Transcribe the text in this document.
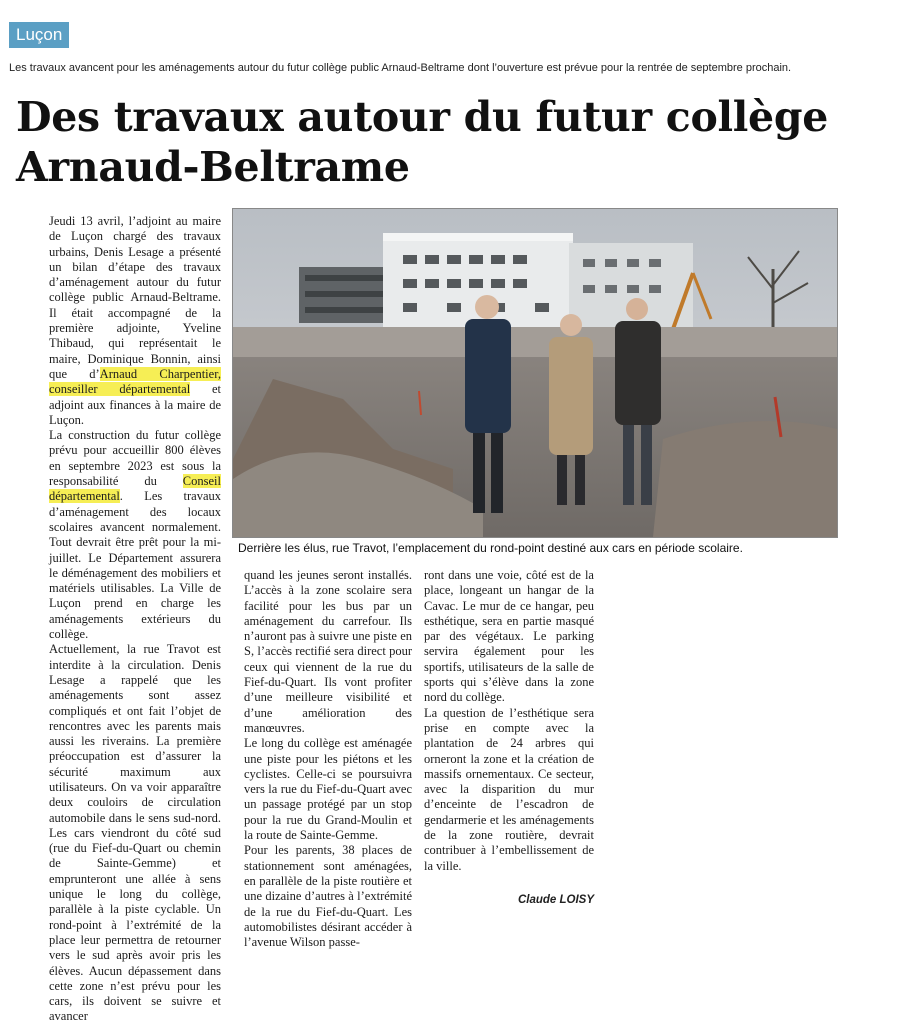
Luçon
Les travaux avancent pour les aménagements autour du futur collège public Arnaud-Beltrame dont l’ouverture est prévue pour la rentrée de septembre prochain.
Des travaux autour du futur collège
Arnaud-Beltrame
Derrière les élus, rue Travot, l’emplacement du rond-point destiné aux cars en période scolaire.

Jeudi 13 avril, l’adjoint au maire de Luçon chargé des travaux urbains, Denis Lesage a présenté un bilan d’étape des travaux d’aménagement autour du futur collège public Arnaud-Beltrame. Il était accompagné de la première adjointe, Yveline Thibaud, qui représentait le maire, Dominique Bonnin, ainsi que d’Arnaud Charpentier, conseiller départemental et adjoint aux finances à la maire de Luçon.

La construction du futur collège prévu pour accueillir 800 élèves en septembre 2023 est sous la responsabilité du Conseil départemental. Les travaux d’aménagement des locaux scolaires avancent normalement. Tout devrait être prêt pour la mi-juillet. Le Département assurera le déménagement des mobiliers et matériels utilisables. La Ville de Luçon prend en charge les aménagements extérieurs du collège.

Actuellement, la rue Travot est interdite à la circulation. Denis Lesage a rappelé que les aménagements sont assez compliqués et ont fait l’objet de rencontres avec les parents mais aussi les riverains. La première préoccupation est d’assurer la sécurité maximum aux utilisateurs. On va voir apparaître deux couloirs de circulation automobile dans le sens sud-nord. Les cars viendront du côté sud (rue du Fief-du-Quart ou chemin de Sainte-Gemme) et emprunteront une allée à sens unique le long du collège, parallèle à la piste cyclable. Un rond-point à l’extrémité de la place leur permettra de retourner vers le sud après avoir pris les élèves. Aucun dépassement dans cette zone n’est prévu pour les cars, ils doivent se suivre et avancer

quand les jeunes seront installés. L’accès à la zone scolaire sera facilité pour les bus par un aménagement du carrefour. Ils n’auront pas à suivre une piste en S, l’accès rectifié sera direct pour ceux qui viennent de la rue du Fief-du-Quart. Ils vont profiter d’une meilleure visibilité et d’une amélioration des manœuvres.

Le long du collège est aménagée une piste pour les piétons et les cyclistes. Celle-ci se poursuivra vers la rue du Fief-du-Quart avec un passage protégé par un stop pour la rue du Grand-Moulin et la route de Sainte-Gemme.

Pour les parents, 38 places de stationnement sont aménagées, en parallèle de la piste routière et une dizaine d’autres à l’extrémité de la rue du Fief-du-Quart. Les automobilistes désirant accéder à l’avenue Wilson passe-

ront dans une voie, côté est de la place, longeant un hangar de la Cavac. Le mur de ce hangar, peu esthétique, sera en partie masqué par des végétaux. Le parking servira également pour les sportifs, utilisateurs de la salle de sports qui s’élève dans la zone nord du collège.

La question de l’esthétique sera prise en compte avec la plantation de 24 arbres qui orneront la zone et la création de massifs ornementaux. Ce secteur, avec la disparition du mur d’enceinte de l’escadron de gendarmerie et les aménagements de la zone routière, devrait contribuer à l’embellissement de la ville.

Claude LOISY
